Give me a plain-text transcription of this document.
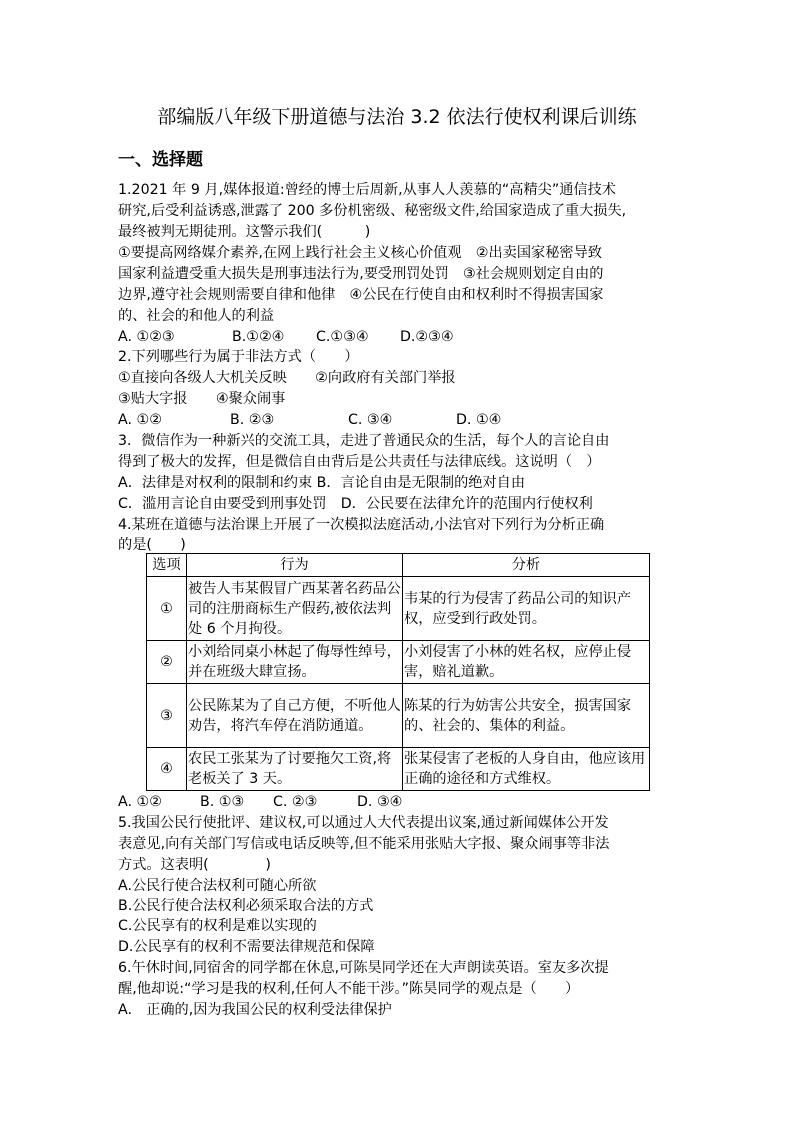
部编版八年级下册道德与法治 3.2 依法行使权利课后训练
一、选择题
1.2021 年 9 月,媒体报道:曾经的博士后周新,从事人人羡慕的“高精尖”通信技术
研究,后受利益诱惑,泄露了 200 多份机密级、秘密级文件,给国家造成了重大损失,
最终被判无期徒刑。这警示我们(　　　)
①要提高网络媒介素养,在网上践行社会主义核心价值观　②出卖国家秘密导致
国家利益遭受重大损失是刑事违法行为,要受刑罚处罚　③社会规则划定自由的
边界,遵守社会规则需要自律和他律　④公民在行使自由和权利时不得损害国家
的、社会的和他人的利益
A. ①②③	B.①②④ C.①③④ D.②③④
2.下列哪些行为属于非法方式（　　）
①直接向各级人大机关反映　　②向政府有关部门举报
③贴大字报　　④聚众闹事
A. ①②	B. ②③	C. ③④	D. ①④
3．微信作为一种新兴的交流工具，走进了普通民众的生活，每个人的言论自由
得到了极大的发挥，但是微信自由背后是公共责任与法律底线。这说明（　）
A．法律是对权利的限制和约束 B．言论自由是无限制的绝对自由
C．滥用言论自由要受到刑事处罚　D．公民要在法律允许的范围内行使权利
4.某班在道德与法治课上开展了一次模拟法庭活动,小法官对下列行为分析正确
的是(　　)
选项	行为	分析
①	被告人韦某假冒广西某著名药品公司的注册商标生产假药,被依法判处 6 个月拘役。	韦某的行为侵害了药品公司的知识产权，应受到行政处罚。
②	小刘给同桌小林起了侮辱性绰号，并在班级大肆宣扬。	小刘侵害了小林的姓名权，应停止侵害，赔礼道歉。
③	公民陈某为了自己方便，不听他人劝告，将汽车停在消防通道。	陈某的行为妨害公共安全，损害国家的、社会的、集体的利益。
④	农民工张某为了讨要拖欠工资,将老板关了 3 天。	张某侵害了老板的人身自由，他应该用正确的途径和方式维权。
A. ①②	B. ①③ C. ②③	D. ③④
5.我国公民行使批评、建议权,可以通过人大代表提出议案,通过新闻媒体公开发
表意见,向有关部门写信或电话反映等,但不能采用张贴大字报、聚众闹事等非法
方式。这表明(　　　　)
A.公民行使合法权利可随心所欲
B.公民行使合法权利必须采取合法的方式
C.公民享有的权利是难以实现的
D.公民享有的权利不需要法律规范和保障
6.午休时间,同宿舍的同学都在休息,可陈昊同学还在大声朗读英语。室友多次提
醒,他却说:“学习是我的权利,任何人不能干涉。”陈昊同学的观点是（　　）
A.　正确的,因为我国公民的权利受法律保护
